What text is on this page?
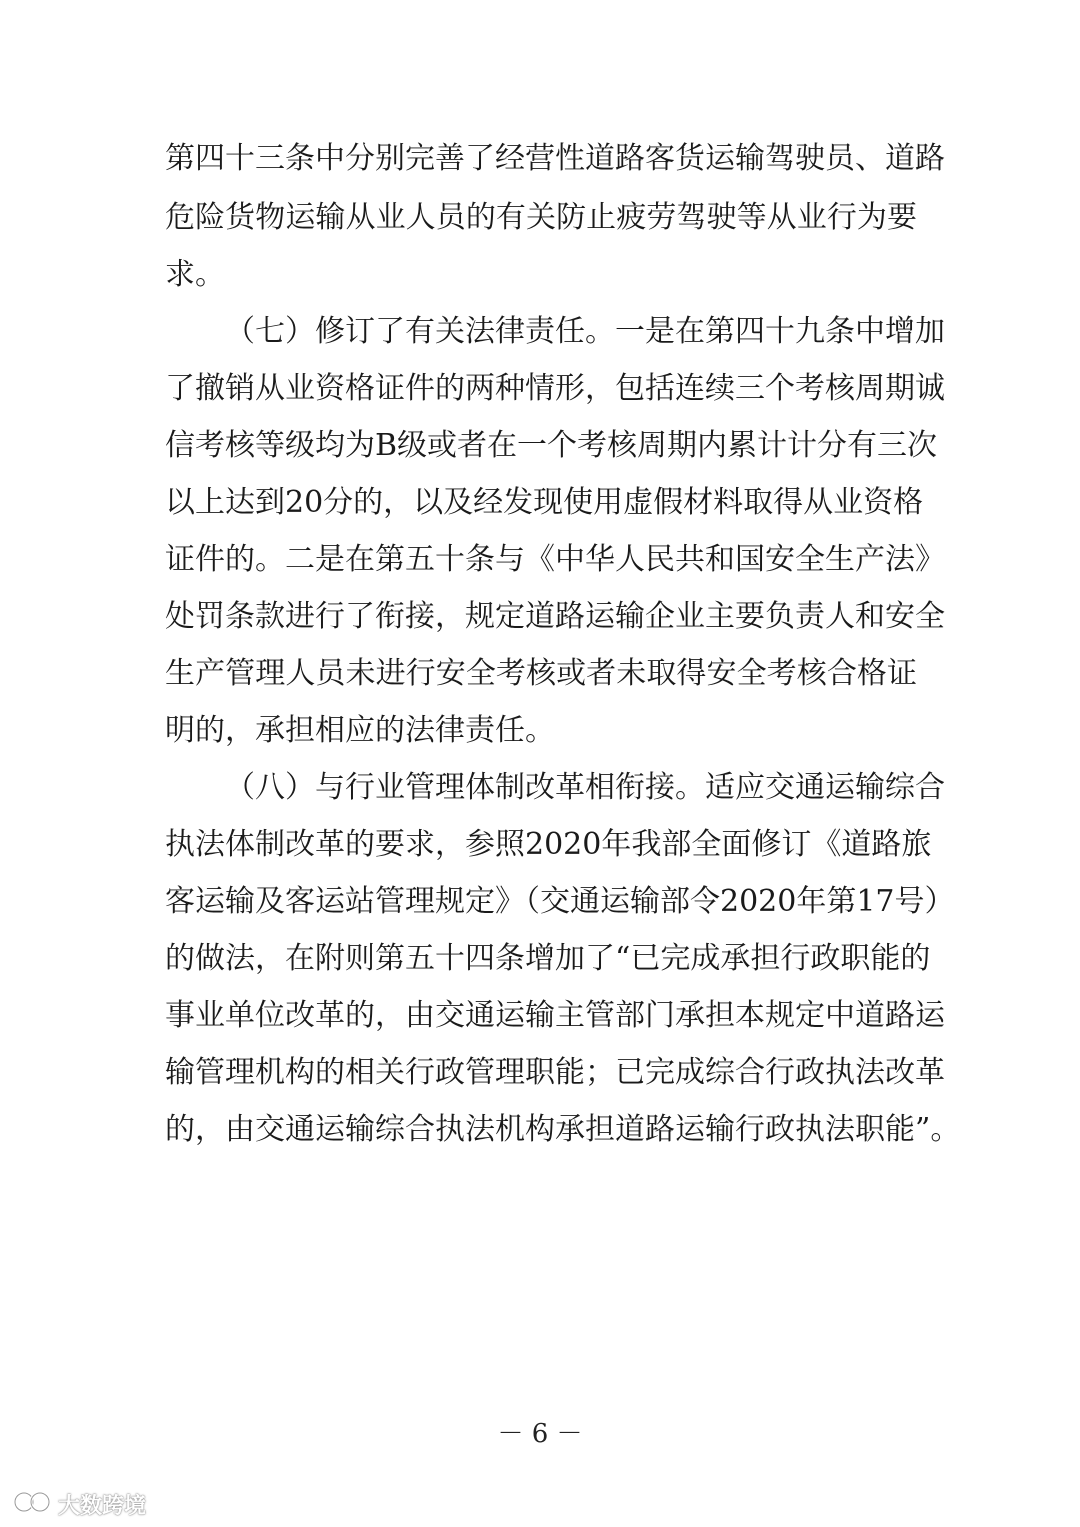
第四十三条中分别完善了经营性道路客货运输驾驶员、道路
危险货物运输从业人员的有关防止疲劳驾驶等从业行为要
求。
（七）修订了有关法律责任。一是在第四十九条中增加
了撤销从业资格证件的两种情形，包括连续三个考核周期诚
信考核等级均为B级或者在一个考核周期内累计计分有三次
以上达到20分的，以及经发现使用虚假材料取得从业资格
证件的。二是在第五十条与《中华人民共和国安全生产法》
处罚条款进行了衔接，规定道路运输企业主要负责人和安全
生产管理人员未进行安全考核或者未取得安全考核合格证
明的，承担相应的法律责任。
（八）与行业管理体制改革相衔接。适应交通运输综合
执法体制改革的要求，参照2020年我部全面修订《道路旅
客运输及客运站管理规定》（交通运输部令2020年第17号）
的做法，在附则第五十四条增加了“已完成承担行政职能的
事业单位改革的，由交通运输主管部门承担本规定中道路运
输管理机构的相关行政管理职能；已完成综合行政执法改革
的，由交通运输综合执法机构承担道路运输行政执法职能”。
－ 6 －
大数跨境
